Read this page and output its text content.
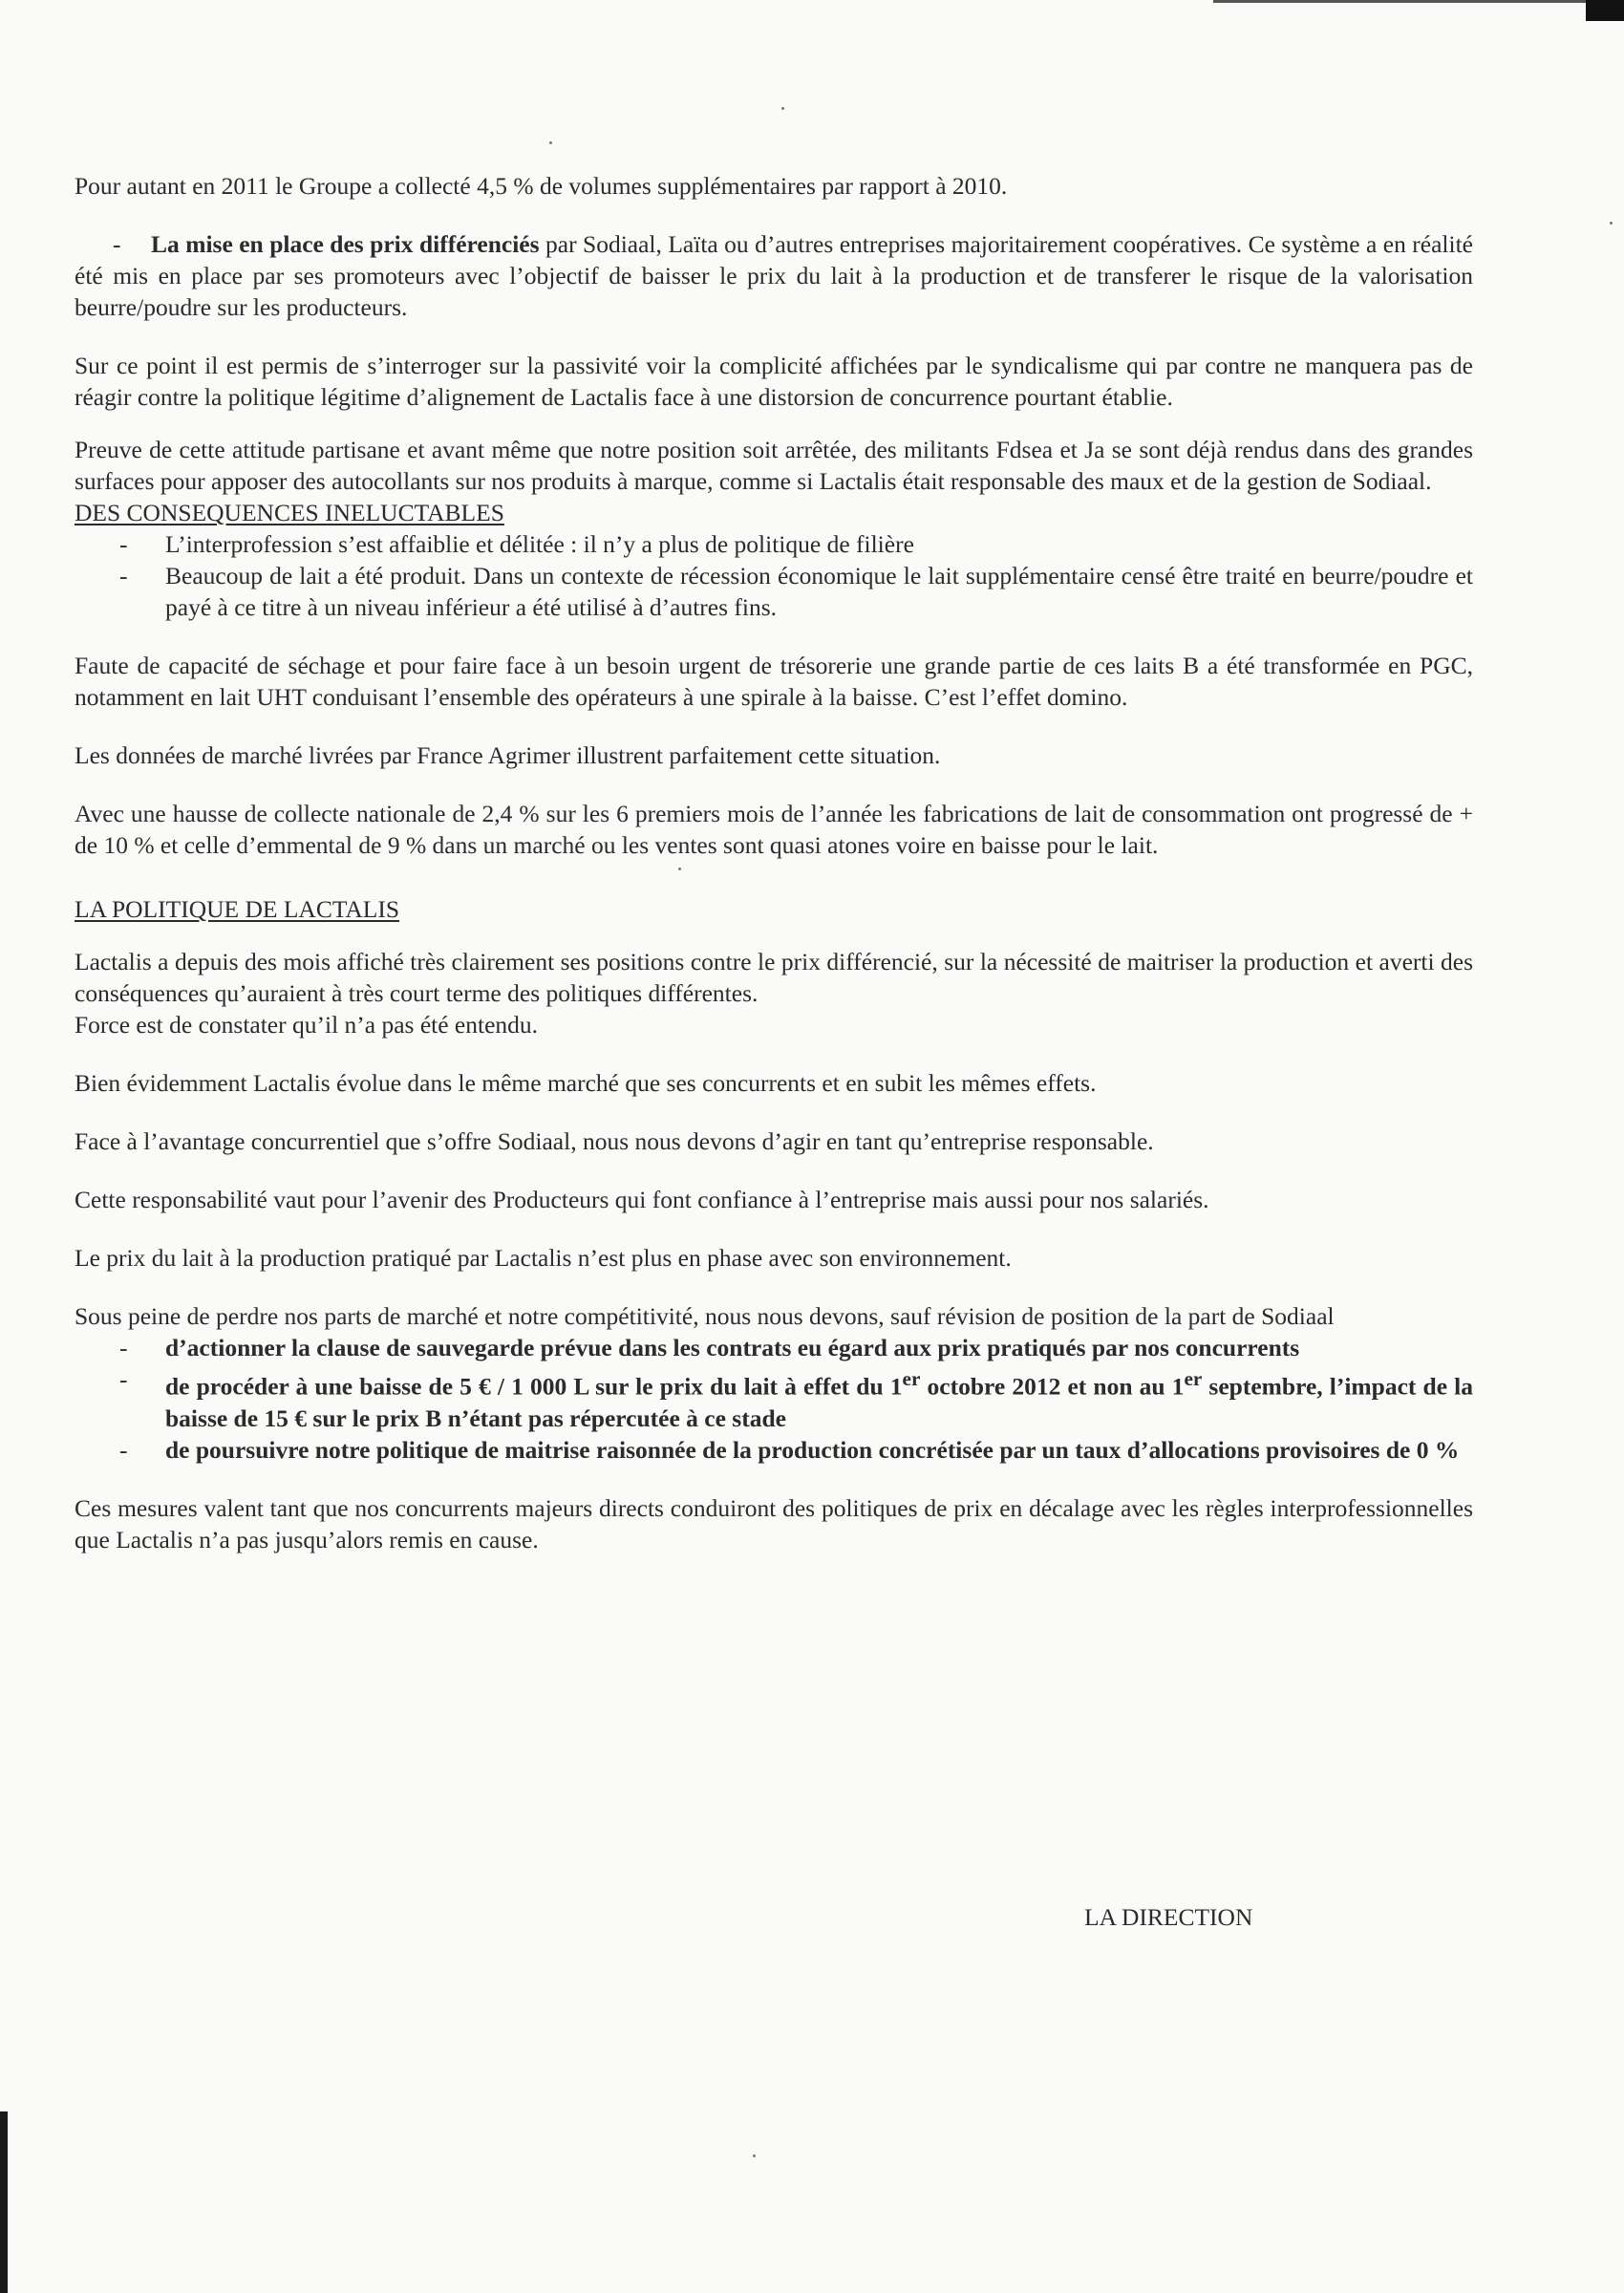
Pour autant en 2011 le Groupe a collecté 4,5 % de volumes supplémentaires par rapport à 2010.

- La mise en place des prix différenciés par Sodiaal, Laïta ou d’autres entreprises majoritairement coopératives. Ce système a en réalité été mis en place par ses promoteurs avec l’objectif de baisser le prix du lait à la production et de transferer le risque de la valorisation beurre/poudre sur les producteurs.

Sur ce point il est permis de s’interroger sur la passivité voir la complicité affichées par le syndicalisme qui par contre ne manquera pas de réagir contre la politique légitime d’alignement de Lactalis face à une distorsion de concurrence pourtant établie.

Preuve de cette attitude partisane et avant même que notre position soit arrêtée, des militants Fdsea et Ja se sont déjà rendus dans des grandes surfaces pour apposer des autocollants sur nos produits à marque, comme si Lactalis était responsable des maux et de la gestion de Sodiaal.

DES CONSEQUENCES INELUCTABLES
- L’interprofession s’est affaiblie et délitée : il n’y a plus de politique de filière
- Beaucoup de lait a été produit. Dans un contexte de récession économique le lait supplémentaire censé être traité en beurre/poudre et payé à ce titre à un niveau inférieur a été utilisé à d’autres fins.

Faute de capacité de séchage et pour faire face à un besoin urgent de trésorerie une grande partie de ces laits B a été transformée en PGC, notamment en lait UHT conduisant l’ensemble des opérateurs à une spirale à la baisse. C’est l’effet domino.

Les données de marché livrées par France Agrimer illustrent parfaitement cette situation.

Avec une hausse de collecte nationale de 2,4 % sur les 6 premiers mois de l’année les fabrications de lait de consommation ont progressé de + de 10 % et celle d’emmental de 9 % dans un marché ou les ventes sont quasi atones voire en baisse pour le lait.

LA POLITIQUE DE LACTALIS

Lactalis a depuis des mois affiché très clairement ses positions contre le prix différencié, sur la nécessité de maitriser la production et averti des conséquences qu’auraient à très court terme des politiques différentes.

Force est de constater qu’il n’a pas été entendu.

Bien évidemment Lactalis évolue dans le même marché que ses concurrents et en subit les mêmes effets.

Face à l’avantage concurrentiel que s’offre Sodiaal, nous nous devons d’agir en tant qu’entreprise responsable.

Cette responsabilité vaut pour l’avenir des Producteurs qui font confiance à l’entreprise mais aussi pour nos salariés.

Le prix du lait à la production pratiqué par Lactalis n’est plus en phase avec son environnement.

Sous peine de perdre nos parts de marché et notre compétitivité, nous nous devons, sauf révision de position de la part de Sodiaal

- d’actionner la clause de sauvegarde prévue dans les contrats eu égard aux prix pratiqués par nos concurrents
- de procéder à une baisse de 5 € / 1 000 L sur le prix du lait à effet du 1er octobre 2012 et non au 1er septembre, l’impact de la baisse de 15 € sur le prix B n’étant pas répercutée à ce stade
- de poursuivre notre politique de maitrise raisonnée de la production concrétisée par un taux d’allocations provisoires de 0 %

Ces mesures valent tant que nos concurrents majeurs directs conduiront des politiques de prix en décalage avec les règles interprofessionnelles que Lactalis n’a pas jusqu’alors remis en cause.

LA DIRECTION
